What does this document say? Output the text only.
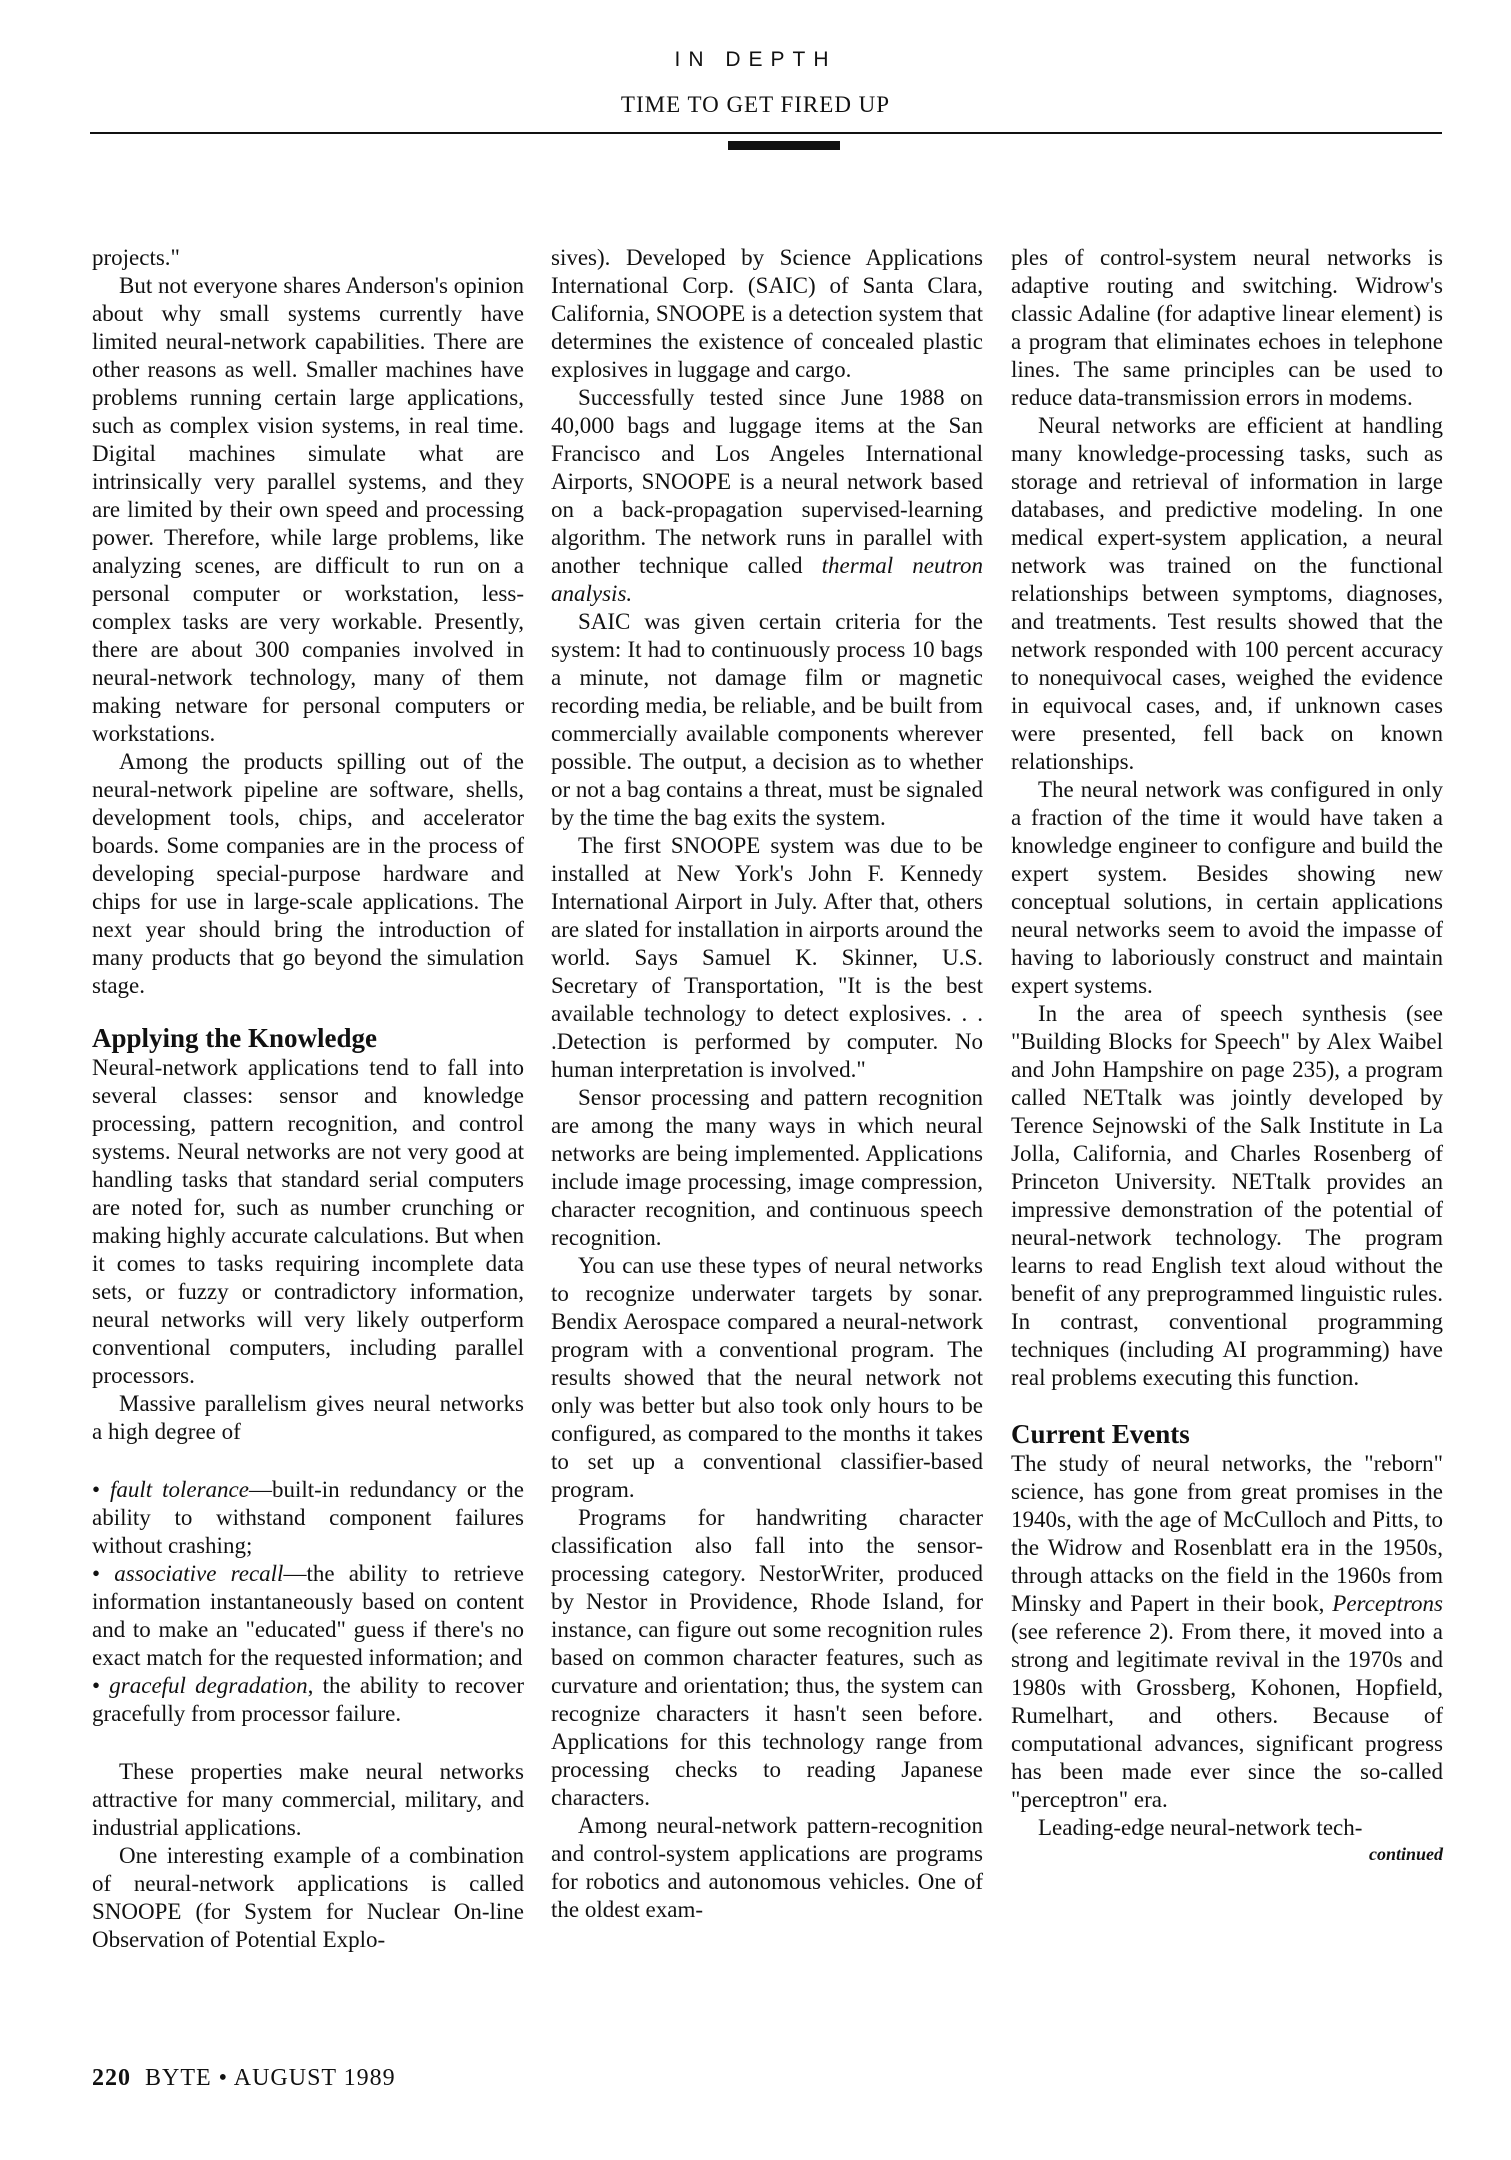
IN DEPTH
TIME TO GET FIRED UP

projects."

But not everyone shares Anderson's opinion about why small systems currently have limited neural-network capabilities. There are other reasons as well. Smaller machines have problems running certain large applications, such as complex vision systems, in real time. Digital machines simulate what are intrinsically very parallel systems, and they are limited by their own speed and processing power. Therefore, while large problems, like analyzing scenes, are difficult to run on a personal computer or workstation, less-complex tasks are very workable. Presently, there are about 300 companies involved in neural-network technology, many of them making netware for personal computers or workstations.

Among the products spilling out of the neural-network pipeline are software, shells, development tools, chips, and accelerator boards. Some companies are in the process of developing special-purpose hardware and chips for use in large-scale applications. The next year should bring the introduction of many products that go beyond the simulation stage.

Applying the Knowledge

Neural-network applications tend to fall into several classes: sensor and knowledge processing, pattern recognition, and control systems. Neural networks are not very good at handling tasks that standard serial computers are noted for, such as number crunching or making highly accurate calculations. But when it comes to tasks requiring incomplete data sets, or fuzzy or contradictory information, neural networks will very likely outperform conventional computers, including parallel processors.

Massive parallelism gives neural networks a high degree of

• fault tolerance—built-in redundancy or the ability to withstand component failures without crashing;

• associative recall—the ability to retrieve information instantaneously based on content and to make an "educated" guess if there's no exact match for the requested information; and

• graceful degradation, the ability to recover gracefully from processor failure.

These properties make neural networks attractive for many commercial, military, and industrial applications.

One interesting example of a combination of neural-network applications is called SNOOPE (for System for Nuclear On-line Observation of Potential Explo-

sives). Developed by Science Applications International Corp. (SAIC) of Santa Clara, California, SNOOPE is a detection system that determines the existence of concealed plastic explosives in luggage and cargo.

Successfully tested since June 1988 on 40,000 bags and luggage items at the San Francisco and Los Angeles International Airports, SNOOPE is a neural network based on a back-propagation supervised-learning algorithm. The network runs in parallel with another technique called thermal neutron analysis.

SAIC was given certain criteria for the system: It had to continuously process 10 bags a minute, not damage film or magnetic recording media, be reliable, and be built from commercially available components wherever possible. The output, a decision as to whether or not a bag contains a threat, must be signaled by the time the bag exits the system.

The first SNOOPE system was due to be installed at New York's John F. Kennedy International Airport in July. After that, others are slated for installation in airports around the world. Says Samuel K. Skinner, U.S. Secretary of Transportation, "It is the best available technology to detect explosives. . . .Detection is performed by computer. No human interpretation is involved."

Sensor processing and pattern recognition are among the many ways in which neural networks are being implemented. Applications include image processing, image compression, character recognition, and continuous speech recognition.

You can use these types of neural networks to recognize underwater targets by sonar. Bendix Aerospace compared a neural-network program with a conventional program. The results showed that the neural network not only was better but also took only hours to be configured, as compared to the months it takes to set up a conventional classifier-based program.

Programs for handwriting character classification also fall into the sensor-processing category. NestorWriter, produced by Nestor in Providence, Rhode Island, for instance, can figure out some recognition rules based on common character features, such as curvature and orientation; thus, the system can recognize characters it hasn't seen before. Applications for this technology range from processing checks to reading Japanese characters.

Among neural-network pattern-recognition and control-system applications are programs for robotics and autonomous vehicles. One of the oldest exam-

ples of control-system neural networks is adaptive routing and switching. Widrow's classic Adaline (for adaptive linear element) is a program that eliminates echoes in telephone lines. The same principles can be used to reduce data-transmission errors in modems.

Neural networks are efficient at handling many knowledge-processing tasks, such as storage and retrieval of information in large databases, and predictive modeling. In one medical expert-system application, a neural network was trained on the functional relationships between symptoms, diagnoses, and treatments. Test results showed that the network responded with 100 percent accuracy to nonequivocal cases, weighed the evidence in equivocal cases, and, if unknown cases were presented, fell back on known relationships.

The neural network was configured in only a fraction of the time it would have taken a knowledge engineer to configure and build the expert system. Besides showing new conceptual solutions, in certain applications neural networks seem to avoid the impasse of having to laboriously construct and maintain expert systems.

In the area of speech synthesis (see "Building Blocks for Speech" by Alex Waibel and John Hampshire on page 235), a program called NETtalk was jointly developed by Terence Sejnowski of the Salk Institute in La Jolla, California, and Charles Rosenberg of Princeton University. NETtalk provides an impressive demonstration of the potential of neural-network technology. The program learns to read English text aloud without the benefit of any preprogrammed linguistic rules. In contrast, conventional programming techniques (including AI programming) have real problems executing this function.

Current Events

The study of neural networks, the "reborn" science, has gone from great promises in the 1940s, with the age of McCulloch and Pitts, to the Widrow and Rosenblatt era in the 1950s, through attacks on the field in the 1960s from Minsky and Papert in their book, Perceptrons (see reference 2). From there, it moved into a strong and legitimate revival in the 1970s and 1980s with Grossberg, Kohonen, Hopfield, Rumelhart, and others. Because of computational advances, significant progress has been made ever since the so-called "perceptron" era.

Leading-edge neural-network tech-

continued

220 BYTE • AUGUST 1989
